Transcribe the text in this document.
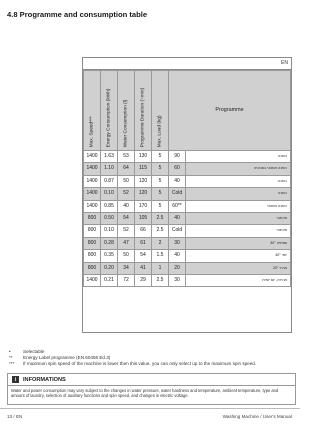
4.8 Programme and consumption table
EN
Max. Speed***	Energy Consumption (kWh)	Water Consumption (l)	Programme Duration (~min)	Max. Load (kg)	Programme	
1400	1.63	53	130	5	90	כותנה
1400	1.10	64	115	5	60	כותנה חסכוני באנרגיה
1400	0.87	50	120	5	40	כותנה
1400	0.10	52	120	5	Cold	כותנה
1400	0.85	40	170	5	60**	כותנה חסכוני
800	0.50	54	105	2.5	40	סינתטי
800	0.10	52	66	2.5	Cold	סינתטי
800	0.28	47	61	2	30	30° שטיפה
800	0.35	50	54	1.5	40	40° יומי
800	0.20	34	41	1	20	20° מהיר
1400	0.21	72	29	2.5	30	מהירה, יום יומית
•	Selectable
**	Energy Label programme (EN 60456 Ed.3)
***	If maximum spin speed of the machine is lower then this value, you can only select up to the maximum spin speed.
i	INFORMATIONS
Water and power consumption may vary subject to the changes in water pressure, water hardness and temperature, ambient temperature, type and amount of laundry, selection of auxiliary functions and spin speed, and changes in electric voltage.
13 / EN	Washing Machine / User's Manual
